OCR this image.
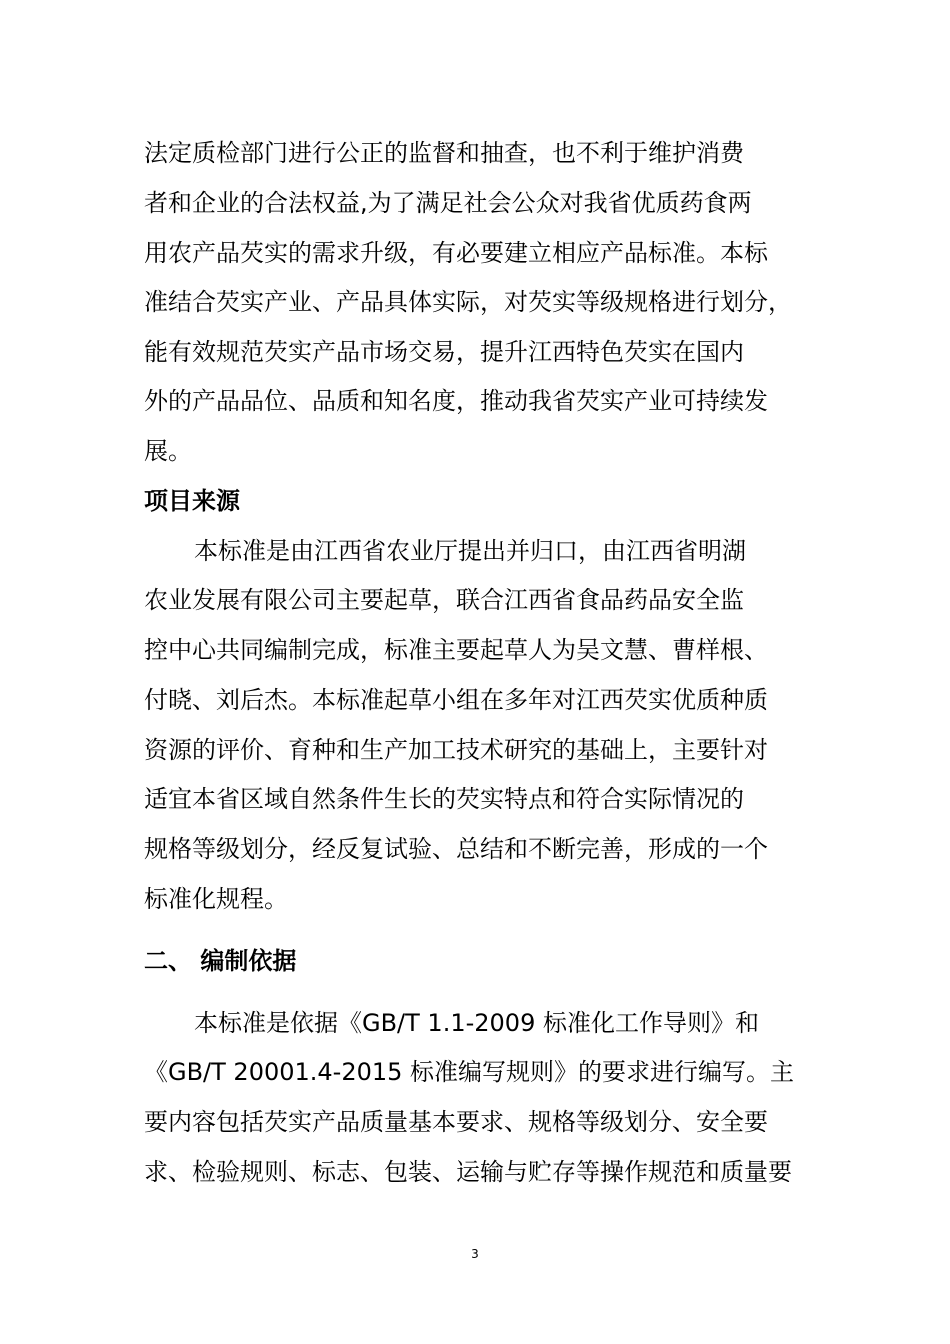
法定质检部门进行公正的监督和抽查，也不利于维护消费
者和企业的合法权益,为了满足社会公众对我省优质药食两
用农产品芡实的需求升级，有必要建立相应产品标准。本标
准结合芡实产业、产品具体实际，对芡实等级规格进行划分，
能有效规范芡实产品市场交易，提升江西特色芡实在国内
外的产品品位、品质和知名度，推动我省芡实产业可持续发
展。
项目来源
本标准是由江西省农业厅提出并归口，由江西省明湖
农业发展有限公司主要起草，联合江西省食品药品安全监
控中心共同编制完成，标准主要起草人为吴文慧、曹样根、
付晓、刘后杰。本标准起草小组在多年对江西芡实优质种质
资源的评价、育种和生产加工技术研究的基础上，主要针对
适宜本省区域自然条件生长的芡实特点和符合实际情况的
规格等级划分，经反复试验、总结和不断完善，形成的一个
标准化规程。
二、 编制依据
本标准是依据《GB/T 1.1-2009 标准化工作导则》和
《GB/T 20001.4-2015 标准编写规则》的要求进行编写。主
要内容包括芡实产品质量基本要求、规格等级划分、安全要
求、检验规则、标志、包装、运输与贮存等操作规范和质量要
3
